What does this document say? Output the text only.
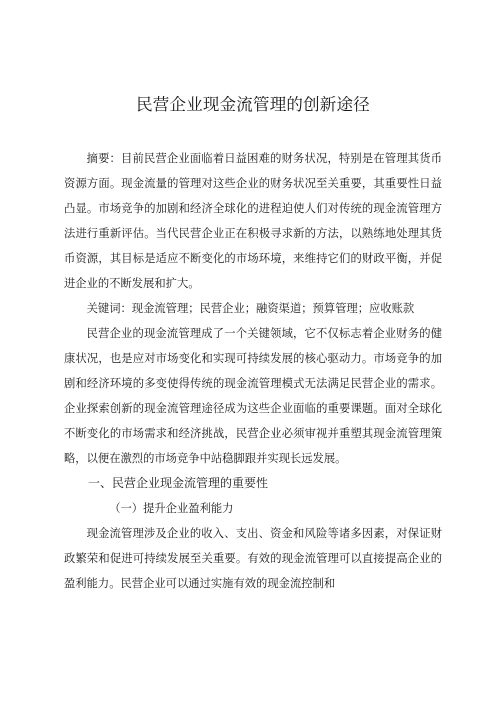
民营企业现金流管理的创新途径

摘要：目前民营企业面临着日益困难的财务状况，特别是在管理其货币资源方面。现金流量的管理对这些企业的财务状况至关重要，其重要性日益凸显。市场竞争的加剧和经济全球化的进程迫使人们对传统的现金流管理方法进行重新评估。当代民营企业正在积极寻求新的方法，以熟练地处理其货币资源，其目标是适应不断变化的市场环境，来维持它们的财政平衡，并促进企业的不断发展和扩大。

关键词：现金流管理；民营企业；融资渠道；预算管理；应收账款

民营企业的现金流管理成了一个关键领域，它不仅标志着企业财务的健康状况，也是应对市场变化和实现可持续发展的核心驱动力。市场竞争的加剧和经济环境的多变使得传统的现金流管理模式无法满足民营企业的需求。企业探索创新的现金流管理途径成为这些企业面临的重要课题。面对全球化不断变化的市场需求和经济挑战，民营企业必须审视并重塑其现金流管理策略，以便在激烈的市场竞争中站稳脚跟并实现长远发展。

一、民营企业现金流管理的重要性
（一）提升企业盈利能力

现金流管理涉及企业的收入、支出、资金和风险等诸多因素，对保证财政繁荣和促进可持续发展至关重要。有效的现金流管理可以直接提高企业的盈利能力。民营企业可以通过实施有效的现金流控制和
